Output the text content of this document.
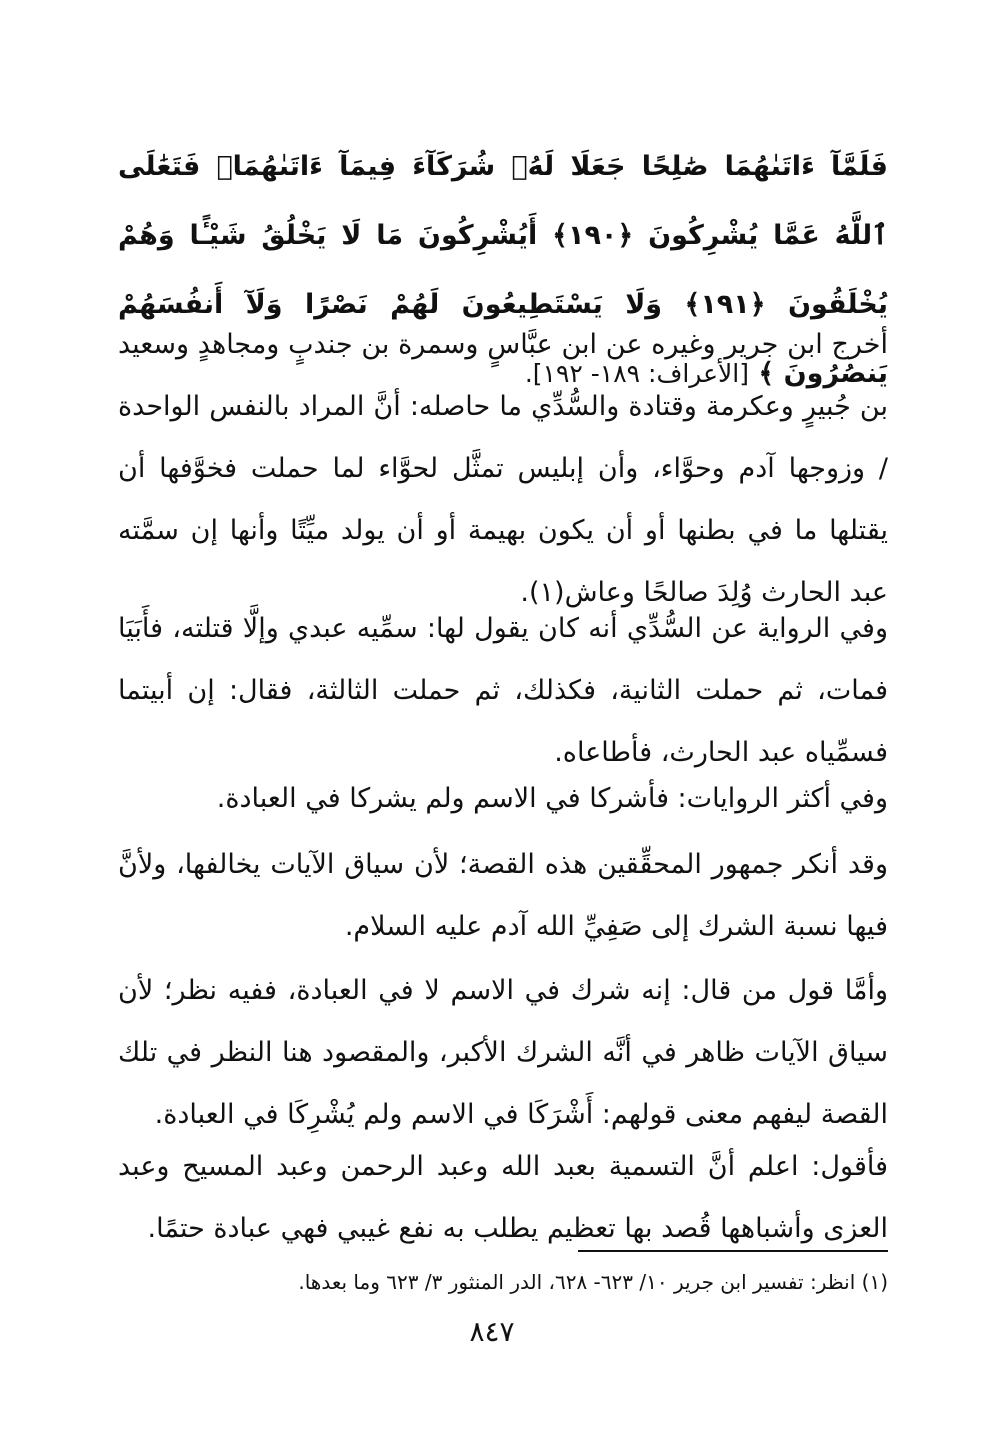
فَلَمَّآ ءَاتَىٰهُمَا صَٰلِحًا جَعَلَا لَهُۥ شُرَكَآءَ فِيمَآ ءَاتَىٰهُمَاۚ فَتَعَٰلَى ٱللَّهُ عَمَّا يُشْرِكُونَ ﴿١٩٠﴾ أَيُشْرِكُونَ مَا لَا يَخْلُقُ شَيْـًٔا وَهُمْ يُخْلَقُونَ ﴿١٩١﴾ وَلَا يَسْتَطِيعُونَ لَهُمْ نَصْرًا وَلَآ أَنفُسَهُمْ يَنصُرُونَ ﴾ [الأعراف: ١٨٩- ١٩٢].

أخرج ابن جرير وغيره عن ابن عبَّاسٍ وسمرة بن جندبٍ ومجاهدٍ وسعيد بن جُبيرٍ وعكرمة وقتادة والسُّدِّي ما حاصله: أنَّ المراد بالنفس الواحدة / وزوجها آدم وحوَّاء، وأن إبليس تمثَّل لحوَّاء لما حملت فخوَّفها أن يقتلها ما في بطنها أو أن يكون بهيمة أو أن يولد ميِّتًا وأنها إن سمَّته عبد الحارث وُلِدَ صالحًا وعاش(١).

وفي الرواية عن السُّدِّي أنه كان يقول لها: سمِّيه عبدي وإلَّا قتلته، فأَبَيَا فمات، ثم حملت الثانية، فكذلك، ثم حملت الثالثة، فقال: إن أبيتما فسمِّياه عبد الحارث، فأطاعاه.

وفي أكثر الروايات: فأشركا في الاسم ولم يشركا في العبادة.

وقد أنكر جمهور المحقِّقين هذه القصة؛ لأن سياق الآيات يخالفها، ولأنَّ فيها نسبة الشرك إلى صَفِيِّ الله آدم عليه السلام.

وأمَّا قول من قال: إنه شرك في الاسم لا في العبادة، ففيه نظر؛ لأن سياق الآيات ظاهر في أنَّه الشرك الأكبر، والمقصود هنا النظر في تلك القصة ليفهم معنى قولهم: أَشْرَكَا في الاسم ولم يُشْرِكَا في العبادة.

فأقول: اعلم أنَّ التسمية بعبد الله وعبد الرحمن وعبد المسيح وعبد العزى وأشباهها قُصد بها تعظيم يطلب به نفع غيبي فهي عبادة حتمًا.

(١) انظر: تفسير ابن جرير ١٠/ ٦٢٣- ٦٢٨، الدر المنثور ٣/ ٦٢٣ وما بعدها.
٨٤٧
